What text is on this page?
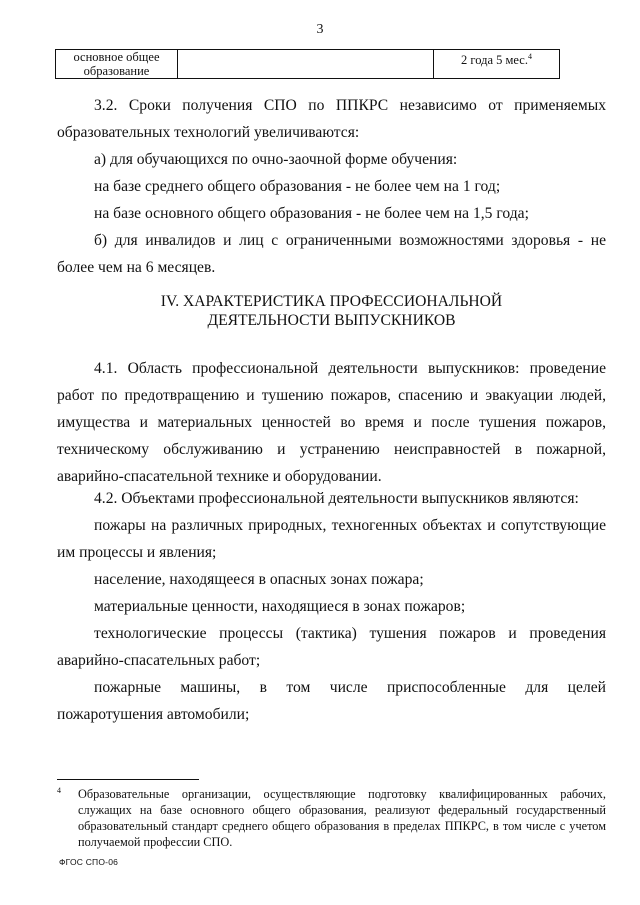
3
основное общее образование		2 года 5 мес.$^4$

3.2. Сроки получения СПО по ППКРС независимо от применяемых образовательных технологий увеличиваются:

а) для обучающихся по очно-заочной форме обучения:

на базе среднего общего образования - не более чем на 1 год;

на базе основного общего образования - не более чем на 1,5 года;

б) для инвалидов и лиц с ограниченными возможностями здоровья - не более чем на 6 месяцев.

IV. ХАРАКТЕРИСТИКА ПРОФЕССИОНАЛЬНОЙ
ДЕЯТЕЛЬНОСТИ ВЫПУСКНИКОВ

4.1. Область профессиональной деятельности выпускников: проведение работ по предотвращению и тушению пожаров, спасению и эвакуации людей, имущества и материальных ценностей во время и после тушения пожаров, техническому обслуживанию и устранению неисправностей в пожарной, аварийно-спасательной технике и оборудовании.

4.2. Объектами профессиональной деятельности выпускников являются:

пожары на различных природных, техногенных объектах и сопутствующие им процессы и явления;

население, находящееся в опасных зонах пожара;

материальные ценности, находящиеся в зонах пожаров;

технологические процессы (тактика) тушения пожаров и проведения аварийно-спасательных работ;

пожарные машины, в том числе приспособленные для целей пожаротушения автомобили;

$^4$	Образовательные организации, осуществляющие подготовку квалифицированных рабочих, служащих на базе основного общего образования, реализуют федеральный государственный образовательный стандарт среднего общего образования в пределах ППКРС, в том числе с учетом получаемой профессии СПО.
ФГОС СПО-06
